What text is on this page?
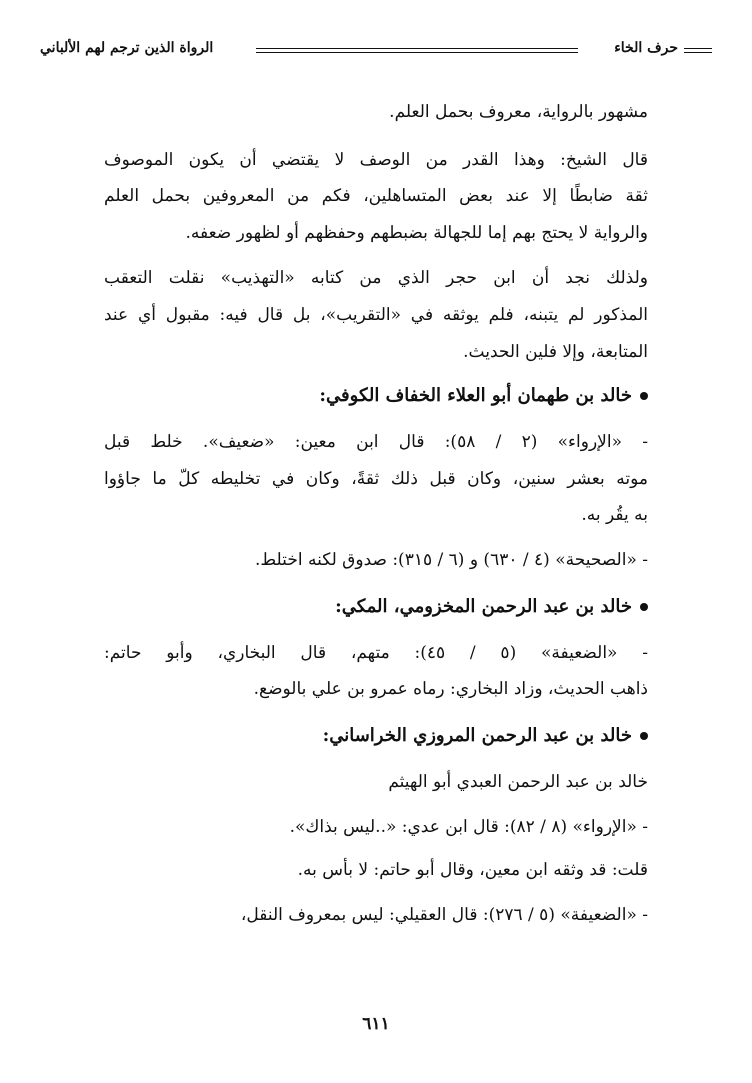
حرف الخاء
الرواة الذين ترجم لهم الألباني
مشهور بالرواية، معروف بحمل العلم.
قال الشيخ: وهذا القدر من الوصف لا يقتضي أن يكون الموصوف
ثقة ضابطًا إلا عند بعض المتساهلين، فكم من المعروفين بحمل العلم
والرواية لا يحتج بهم إما للجهالة بضبطهم وحفظهم أو لظهور ضعفه.
ولذلك نجد أن ابن حجر الذي من كتابه «التهذيب» نقلت التعقب
المذكور لم يتبنه، فلم يوثقه في «التقريب»، بل قال فيه: مقبول أي عند
المتابعة، وإلا فلين الحديث.
خالد بن طهمان أبو العلاء الخفاف الكوفي:
- «الإرواء» (٢ / ٥٨): قال ابن معين: «ضعيف». خلط قبل
موته بعشر سنين، وكان قبل ذلك ثقةً، وكان في تخليطه كلّ ما جاؤوا
به يقُر به.
- «الصحيحة» (٤ / ٦٣٠) و (٦ / ٣١٥): صدوق لكنه اختلط.
خالد بن عبد الرحمن المخزومي، المكي:
- «الضعيفة» (٥ / ٤٥): متهم، قال البخاري، وأبو حاتم:
ذاهب الحديث، وزاد البخاري: رماه عمرو بن علي بالوضع.
خالد بن عبد الرحمن المروزي الخراساني:
خالد بن عبد الرحمن العبدي أبو الهيثم
- «الإرواء» (٨ / ٨٢): قال ابن عدي: «..ليس بذاك».
قلت: قد وثقه ابن معين، وقال أبو حاتم: لا بأس به.
- «الضعيفة» (٥ / ٢٧٦): قال العقيلي: ليس بمعروف النقل،
٦١١
